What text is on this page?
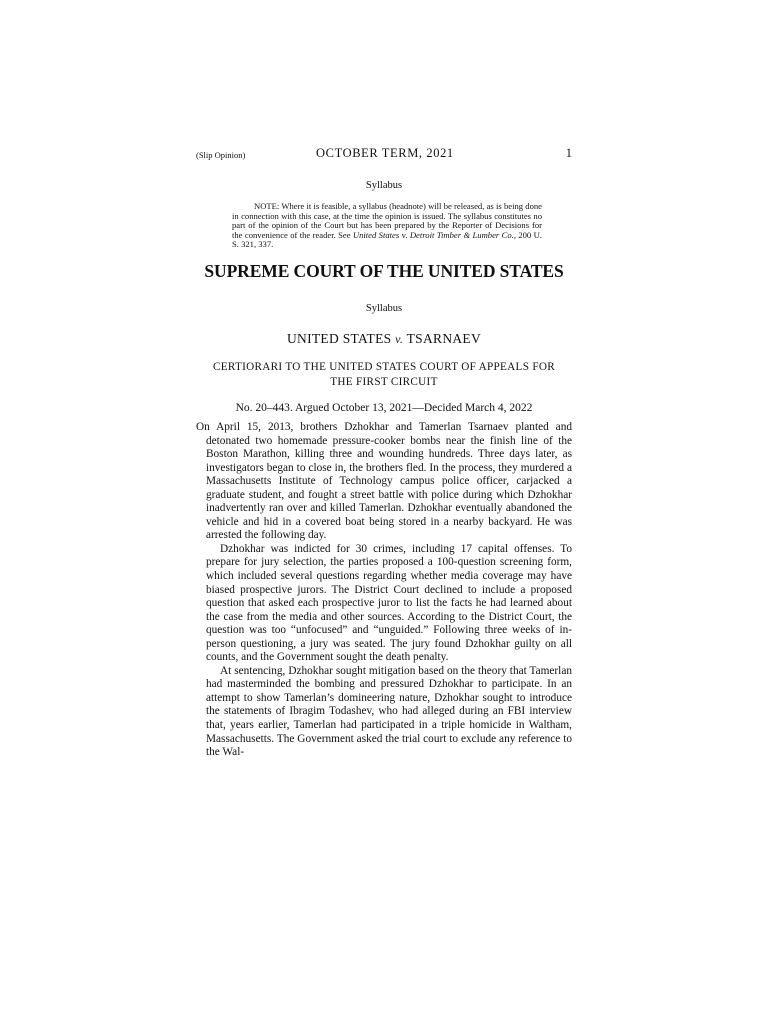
(Slip Opinion)	OCTOBER TERM, 2021	1
Syllabus
NOTE: Where it is feasible, a syllabus (headnote) will be released, as is being done in connection with this case, at the time the opinion is issued. The syllabus constitutes no part of the opinion of the Court but has been prepared by the Reporter of Decisions for the convenience of the reader. See United States v. Detroit Timber & Lumber Co., 200 U. S. 321, 337.
SUPREME COURT OF THE UNITED STATES
Syllabus
UNITED STATES v. TSARNAEV
CERTIORARI TO THE UNITED STATES COURT OF APPEALS FOR THE FIRST CIRCUIT
No. 20–443. Argued October 13, 2021—Decided March 4, 2022

On April 15, 2013, brothers Dzhokhar and Tamerlan Tsarnaev planted and detonated two homemade pressure-cooker bombs near the finish line of the Boston Marathon, killing three and wounding hundreds. Three days later, as investigators began to close in, the brothers fled. In the process, they murdered a Massachusetts Institute of Technology campus police officer, carjacked a graduate student, and fought a street battle with police during which Dzhokhar inadvertently ran over and killed Tamerlan. Dzhokhar eventually abandoned the vehicle and hid in a covered boat being stored in a nearby backyard. He was arrested the following day.

Dzhokhar was indicted for 30 crimes, including 17 capital offenses. To prepare for jury selection, the parties proposed a 100-question screening form, which included several questions regarding whether media coverage may have biased prospective jurors. The District Court declined to include a proposed question that asked each prospective juror to list the facts he had learned about the case from the media and other sources. According to the District Court, the question was too “unfocused” and “unguided.” Following three weeks of in-person questioning, a jury was seated. The jury found Dzhokhar guilty on all counts, and the Government sought the death penalty.

At sentencing, Dzhokhar sought mitigation based on the theory that Tamerlan had masterminded the bombing and pressured Dzhokhar to participate. In an attempt to show Tamerlan’s domineering nature, Dzhokhar sought to introduce the statements of Ibragim Todashev, who had alleged during an FBI interview that, years earlier, Tamerlan had participated in a triple homicide in Waltham, Massachusetts. The Government asked the trial court to exclude any reference to the Wal-
